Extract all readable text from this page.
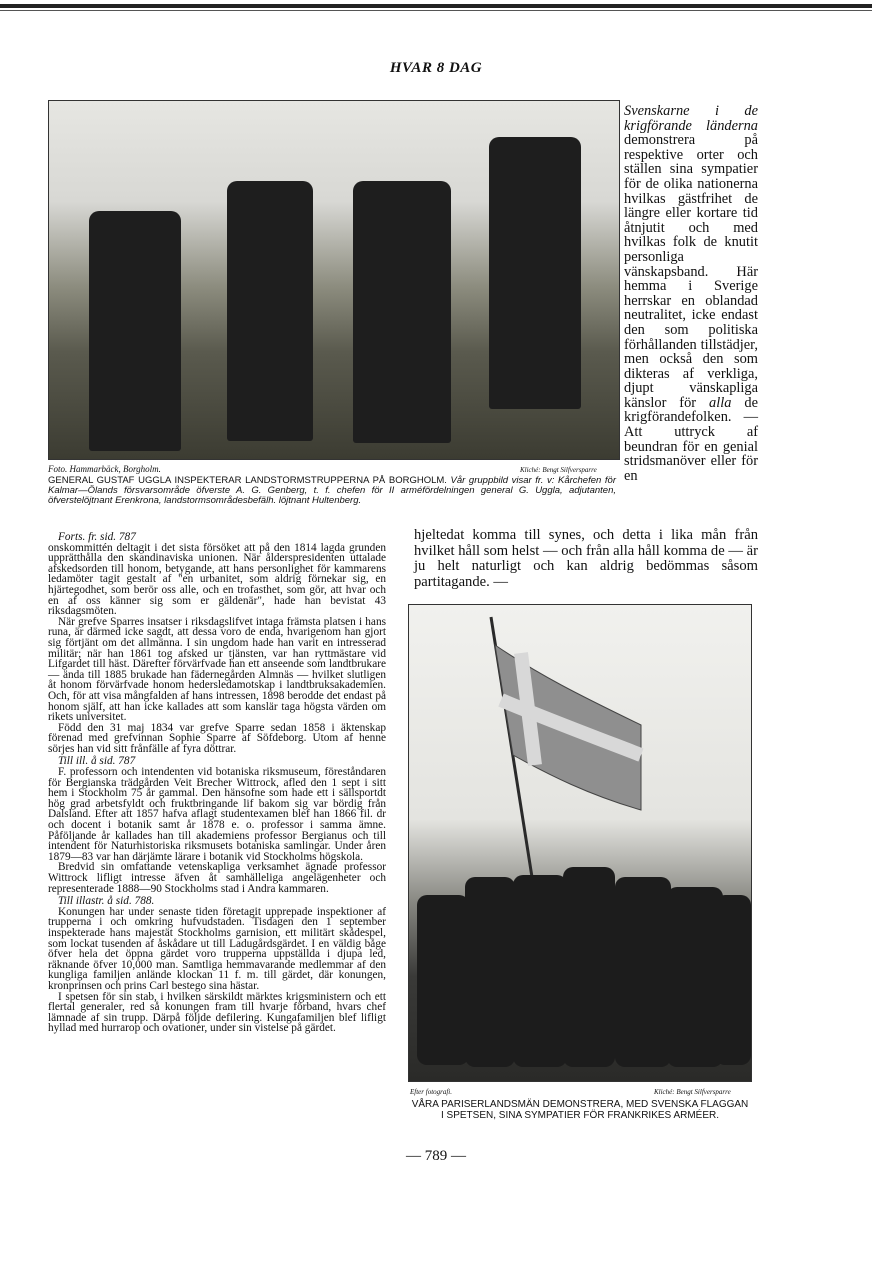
HVAR 8 DAG
Foto. Hammarbäck, Borgholm.	Kliché: Bengt Silfversparre
GENERAL GUSTAF UGGLA INSPEKTERAR LANDSTORMSTRUPPERNA PÅ BORGHOLM. Vår gruppbild visar fr. v: Kårchefen för Kalmar—Ölands försvarsområde öfverste A. G. Genberg, t. f. chefen för II arméfördelningen general G. Uggla, adjutanten, öfverstelöjtnant Erenkrona, landstormsområdesbefälh. löjtnant Hultenberg.
Svenskarne i de krigförande länderna demonstrera på respektive orter och ställen sina sympatier för de olika nationerna hvilkas gästfrihet de längre eller kortare tid åtnjutit och med hvilkas folk de knutit personliga vänskapsband. Här hemma i Sverige herrskar en oblandad neutralitet, icke endast den som politiska förhållanden tillstädjer, men också den som dikteras af verkliga, djupt vänskapliga känslor för alla de krigförandefolken. — Att uttryck af beundran för en genial stridsmanöver eller för en
hjeltedat komma till synes, och detta i lika mån från hvilket håll som helst — och från alla håll komma de — är ju helt naturligt och kan aldrig bedömmas såsom partitagande. —

Forts. fr. sid. 787

onskommittén deltagit i det sista försöket att på den 1814 lagda grunden upprätthålla den skandinaviska unionen. När ålderspresidenten uttalade afskedsorden till honom, betygande, att hans personlighet för kammarens ledamöter tagit gestalt af "en urbanitet, som aldrig förnekar sig, en hjärtegodhet, som berör oss alle, och en trofasthet, som gör, att hvar och en af oss känner sig som er gäldenär", hade han bevistat 43 riksdagsmöten.

När grefve Sparres insatser i riksdagslifvet intaga främsta platsen i hans runa, är därmed icke sagdt, att dessa voro de enda, hvarigenom han gjort sig förtjänt om det allmänna. I sin ungdom hade han varit en intresserad militär; när han 1861 tog afsked ur tjänsten, var han ryttmästare vid Lifgardet till häst. Därefter förvärfvade han ett anseende som landtbrukare — ända till 1885 brukade han fädernegården Almnäs — hvilket slutligen åt honom förvärfvade honom hedersledamotskap i landtbruksakademien. Och, för att visa mångfalden af hans intressen, 1898 berodde det endast på honom själf, att han icke kallades att som kanslär taga högsta värden om rikets universitet.

Född den 31 maj 1834 var grefve Sparre sedan 1858 i äktenskap förenad med grefvinnan Sophie Sparre af Söfdeborg. Utom af henne sörjes han vid sitt frånfälle af fyra döttrar.

Till ill. å sid. 787

F. professorn och intendenten vid botaniska riksmuseum, föreståndaren för Bergianska trädgården Veit Brecher Wittrock, afled den 1 sept i sitt hem i Stockholm 75 år gammal. Den hänsofne som hade ett i sällsportdt hög grad arbetsfyldt och fruktbringande lif bakom sig var bördig från Dalsland. Efter att 1857 hafva aflagt studentexamen blef han 1866 fil. dr och docent i botanik samt år 1878 e. o. professor i samma ämne. Påföljande år kallades han till akademiens professor Bergianus och till intendent för Naturhistoriska riksmusets botaniska samlingar. Under åren 1879—83 var han därjämte lärare i botanik vid Stockholms högskola.

Bredvid sin omfattande vetenskapliga verksamhet ägnade professor Wittrock lifligt intresse äfven åt samhälleliga angelägenheter och representerade 1888—90 Stockholms stad i Andra kammaren.

Till illastr. å sid. 788.

Konungen har under senaste tiden företagit upprepade inspektioner af trupperna i och omkring hufvudstaden. Tisdagen den 1 september inspekterade hans majestät Stockholms garnision, ett militärt skådespel, som lockat tusenden af åskådare ut till Ladugårdsgärdet. I en väldig båge öfver hela det öppna gärdet voro trupperna uppställda i djupa led, räknande öfver 10,000 man. Samtliga hemmavarande medlemmar af den kungliga familjen anlände klockan 11 f. m. till gärdet, där konungen, kronprinsen och prins Carl bestego sina hästar.

I spetsen för sin stab, i hvilken särskildt märktes krigsministern och ett flertal generaler, red så konungen fram till hvarje förband, hvars chef lämnade af sin trupp. Därpå följde defilering. Kungafamiljen blef lifligt hyllad med hurrarop och ovationer, under sin vistelse på gärdet.

Efter fotografi.	Kliché: Bengt Silfversparre
VÅRA PARISERLANDSMÄN DEMONSTRERA, MED SVENSKA FLAGGAN I SPETSEN, SINA SYMPATIER FÖR FRANKRIKES ARMÉER.
— 789 —
